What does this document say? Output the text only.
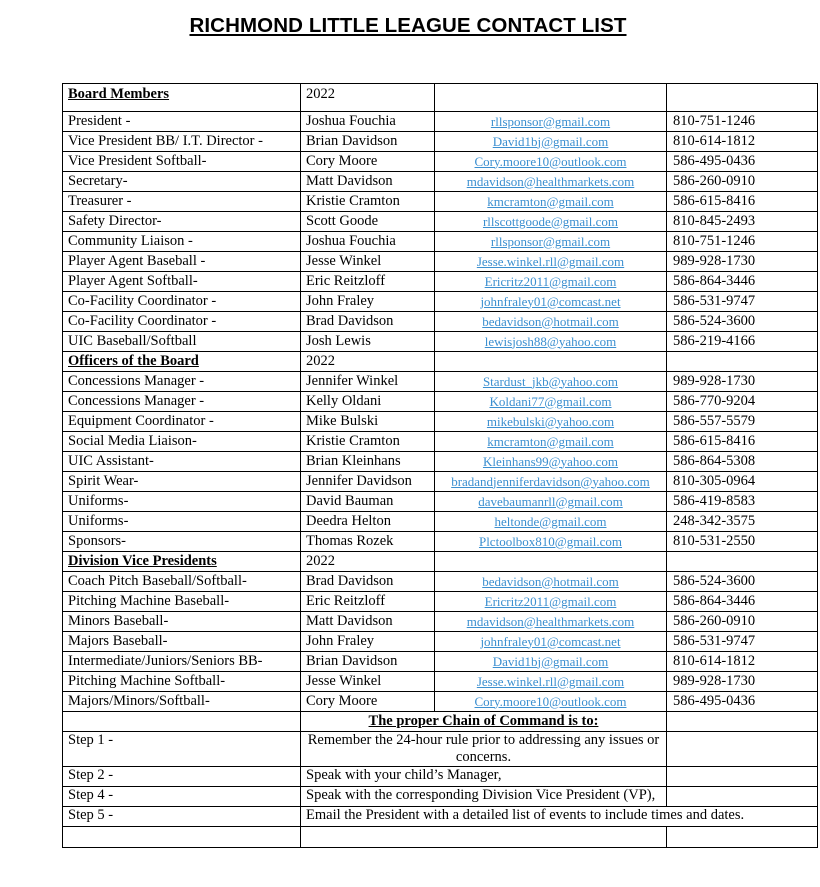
RICHMOND LITTLE LEAGUE CONTACT LIST
Board Members	2022		
President -	Joshua Fouchia	rllsponsor@gmail.com	810-751-1246
Vice President BB/ I.T. Director -	Brian Davidson	David1bj@gmail.com	810-614-1812
Vice President Softball-	Cory Moore	Cory.moore10@outlook.com	586-495-0436
Secretary-	Matt Davidson	mdavidson@healthmarkets.com	586-260-0910
Treasurer -	Kristie Cramton	kmcramton@gmail.com	586-615-8416
Safety Director-	Scott Goode	rllscottgoode@gmail.com	810-845-2493
Community Liaison -	Joshua Fouchia	rllsponsor@gmail.com	810-751-1246
Player Agent Baseball -	Jesse Winkel	Jesse.winkel.rll@gmail.com	989-928-1730
Player Agent Softball-	Eric Reitzloff	Ericritz2011@gmail.com	586-864-3446
Co-Facility Coordinator -	John Fraley	johnfraley01@comcast.net	586-531-9747
Co-Facility Coordinator -	Brad Davidson	bedavidson@hotmail.com	586-524-3600
UIC Baseball/Softball	Josh Lewis	lewisjosh88@yahoo.com	586-219-4166
Officers of the Board	2022		
Concessions Manager -	Jennifer Winkel	Stardust_jkb@yahoo.com	989-928-1730
Concessions Manager -	Kelly Oldani	Koldani77@gmail.com	586-770-9204
Equipment Coordinator -	Mike Bulski	mikebulski@yahoo.com	586-557-5579
Social Media Liaison-	Kristie Cramton	kmcramton@gmail.com	586-615-8416
UIC Assistant-	Brian Kleinhans	Kleinhans99@yahoo.com	586-864-5308
Spirit Wear-	Jennifer Davidson	bradandjenniferdavidson@yahoo.com	810-305-0964
Uniforms-	David Bauman	davebaumanrll@gmail.com	586-419-8583
Uniforms-	Deedra Helton	heltonde@gmail.com	248-342-3575
Sponsors-	Thomas Rozek	Plctoolbox810@gmail.com	810-531-2550
Division Vice Presidents	2022		
Coach Pitch Baseball/Softball-	Brad Davidson	bedavidson@hotmail.com	586-524-3600
Pitching Machine Baseball-	Eric Reitzloff	Ericritz2011@gmail.com	586-864-3446
Minors Baseball-	Matt Davidson	mdavidson@healthmarkets.com	586-260-0910
Majors Baseball-	John Fraley	johnfraley01@comcast.net	586-531-9747
Intermediate/Juniors/Seniors BB-	Brian Davidson	David1bj@gmail.com	810-614-1812
Pitching Machine Softball-	Jesse Winkel	Jesse.winkel.rll@gmail.com	989-928-1730
Majors/Minors/Softball-	Cory Moore	Cory.moore10@outlook.com	586-495-0436
	The proper Chain of Command is to:		
Step 1 -	Remember the 24-hour rule prior to addressing any issues or concerns.		
Step 2 -	Speak with your child’s Manager,		
Step 4 -	Speak with the corresponding Division Vice President (VP),		
Step 5 -	Email the President with a detailed list of events to include times and dates.		
